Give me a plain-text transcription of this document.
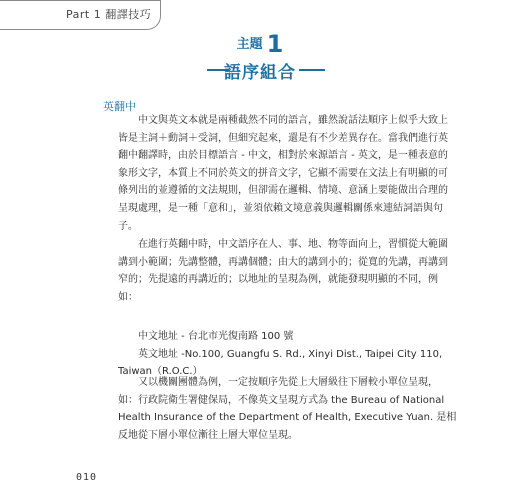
Part 1 翻譯技巧
$^{主題}$ 1
語序組合
英翻中
中文與英文本就是兩種截然不同的語言，雖然說話法順序上似乎大致上
皆是主詞＋動詞＋受詞，但細究起來，還是有不少差異存在。當我們進行英
翻中翻譯時，由於目標語言 - 中文，相對於來源語言 - 英文，是一種表意的
象形文字，本質上不同於英文的拼音文字，它顯不需要在文法上有明顯的可
條列出的並遵循的文法規則，但卻需在邏輯、情境、意涵上要能做出合理的
呈現處理，是一種「意和」，並須依賴文境意義與邏輯關係來連結詞語與句
子。
在進行英翻中時，中文語序在人、事、地、物等面向上，習慣從大範圍
講到小範圍；先講整體，再講個體；由大的講到小的；從寬的先講，再講到
窄的；先提遠的再講近的；以地址的呈現為例，就能發現明顯的不同，例
如：
中文地址 - 台北市光復南路 100 號
英文地址 -No.100, Guangfu S. Rd., Xinyi Dist., Taipei City 110,
Taiwan（R.O.C.）
又以機關團體為例，一定按順序先從上大層級往下層較小單位呈現，
如：行政院衛生署健保局，不像英文呈現方式為 the Bureau of National
Health Insurance of the Department of Health, Executive Yuan. 是相
反地從下層小單位漸往上層大單位呈現。
010
